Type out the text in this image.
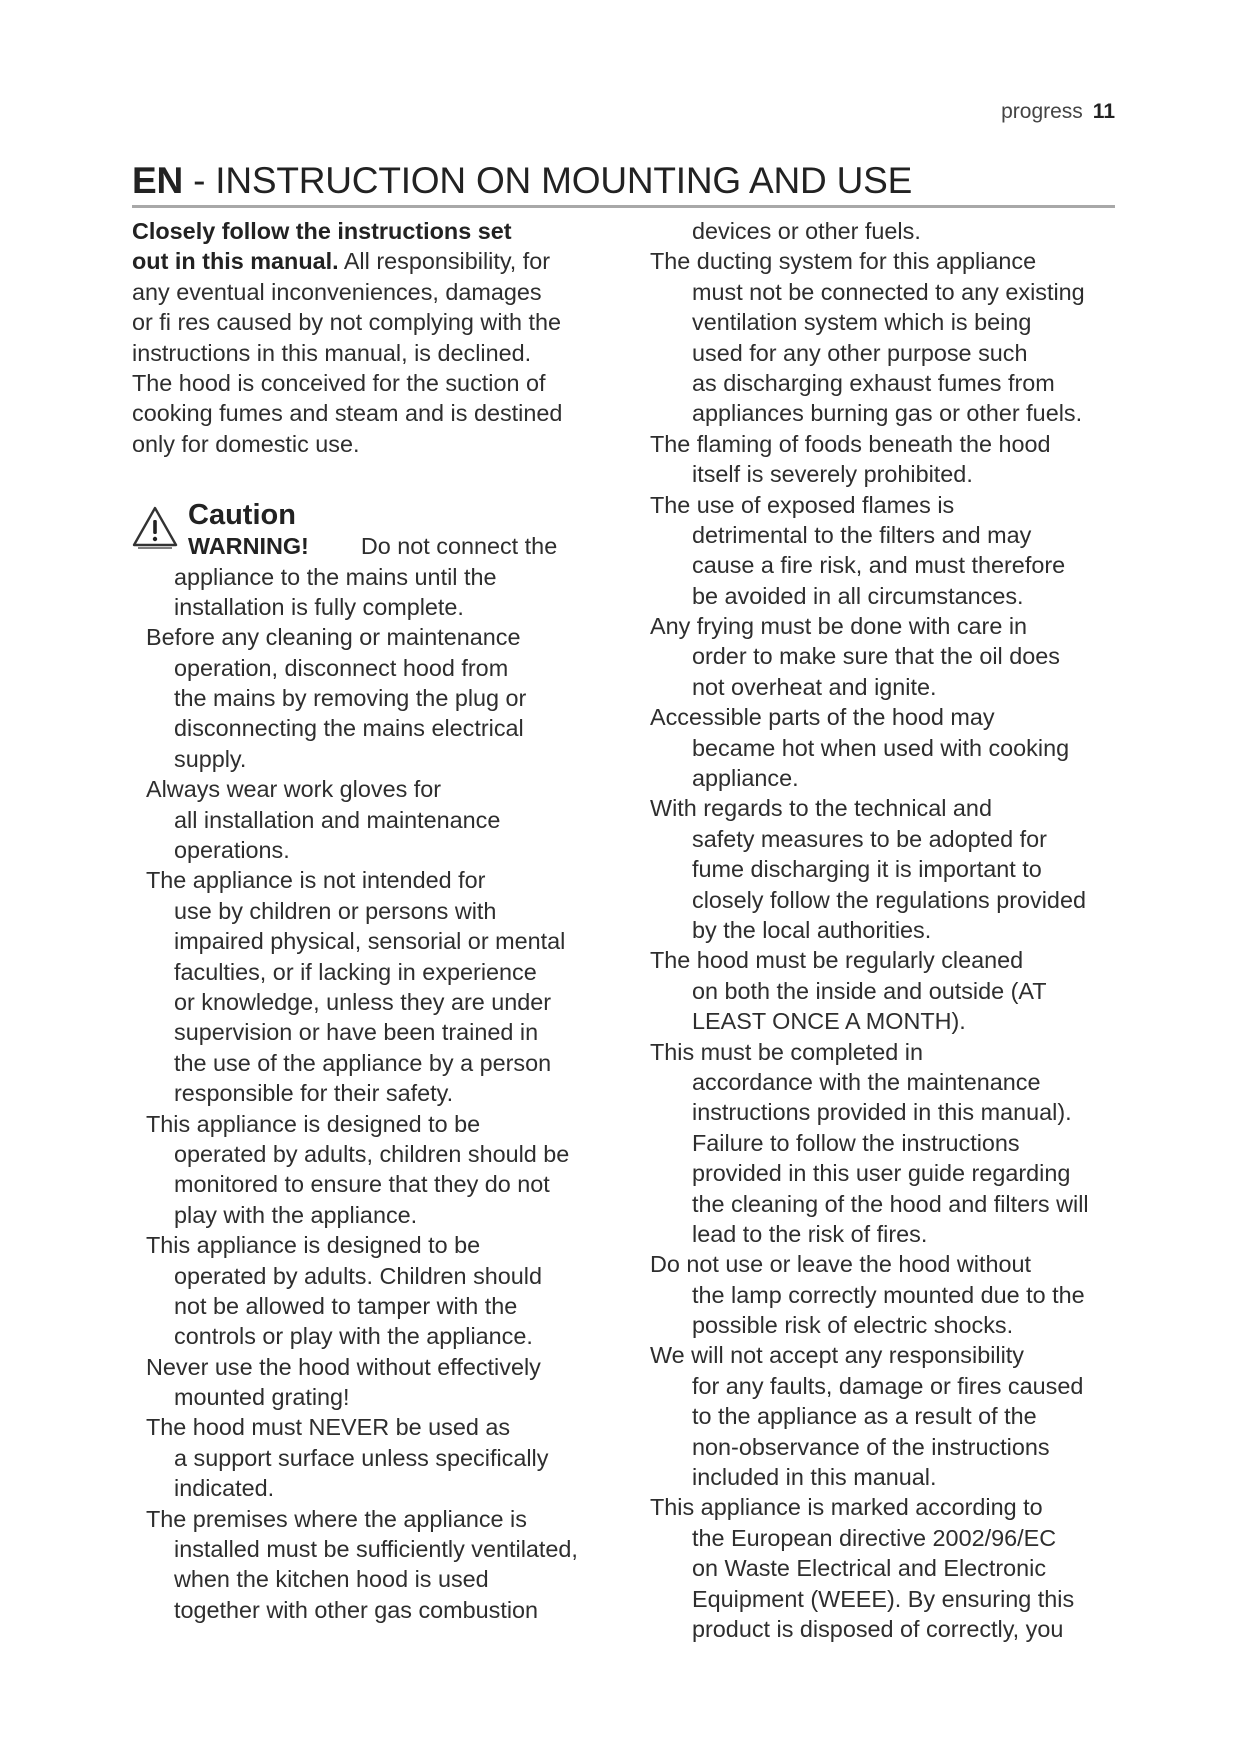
progress 11
EN - INSTRUCTION ON MOUNTING AND USE
Closely follow the instructions set
out in this manual. All responsibility, for
any eventual inconveniences, damages
or fi res caused by not complying with the
instructions in this manual, is declined.
The hood is conceived for the suction of
cooking fumes and steam and is destined
only for domestic use.
Caution
WARNING! Do not connect the
appliance to the mains until the
installation is fully complete.
Before any cleaning or maintenance
operation, disconnect hood from
the mains by removing the plug or
disconnecting the mains electrical
supply.
Always wear work gloves for
all installation and maintenance
operations.
The appliance is not intended for
use by children or persons with
impaired physical, sensorial or mental
faculties, or if lacking in experience
or knowledge, unless they are under
supervision or have been trained in
the use of the appliance by a person
responsible for their safety.
This appliance is designed to be
operated by adults, children should be
monitored to ensure that they do not
play with the appliance.
This appliance is designed to be
operated by adults. Children should
not be allowed to tamper with the
controls or play with the appliance.
Never use the hood without effectively
mounted grating!
The hood must NEVER be used as
a support surface unless specifically
indicated.
The premises where the appliance is
installed must be sufficiently ventilated,
when the kitchen hood is used
together with other gas combustion
devices or other fuels.
The ducting system for this appliance
must not be connected to any existing
ventilation system which is being
used for any other purpose such
as discharging exhaust fumes from
appliances burning gas or other fuels.
The flaming of foods beneath the hood
itself is severely prohibited.
The use of exposed flames is
detrimental to the filters and may
cause a fire risk, and must therefore
be avoided in all circumstances.
Any frying must be done with care in
order to make sure that the oil does
not overheat and ignite.
Accessible parts of the hood may
became hot when used with cooking
appliance.
With regards to the technical and
safety measures to be adopted for
fume discharging it is important to
closely follow the regulations provided
by the local authorities.
The hood must be regularly cleaned
on both the inside and outside (AT
LEAST ONCE A MONTH).
This must be completed in
accordance with the maintenance
instructions provided in this manual).
Failure to follow the instructions
provided in this user guide regarding
the cleaning of the hood and filters will
lead to the risk of fires.
Do not use or leave the hood without
the lamp correctly mounted due to the
possible risk of electric shocks.
We will not accept any responsibility
for any faults, damage or fires caused
to the appliance as a result of the
non-observance of the instructions
included in this manual.
This appliance is marked according to
the European directive 2002/96/EC
on Waste Electrical and Electronic
Equipment (WEEE). By ensuring this
product is disposed of correctly, you
